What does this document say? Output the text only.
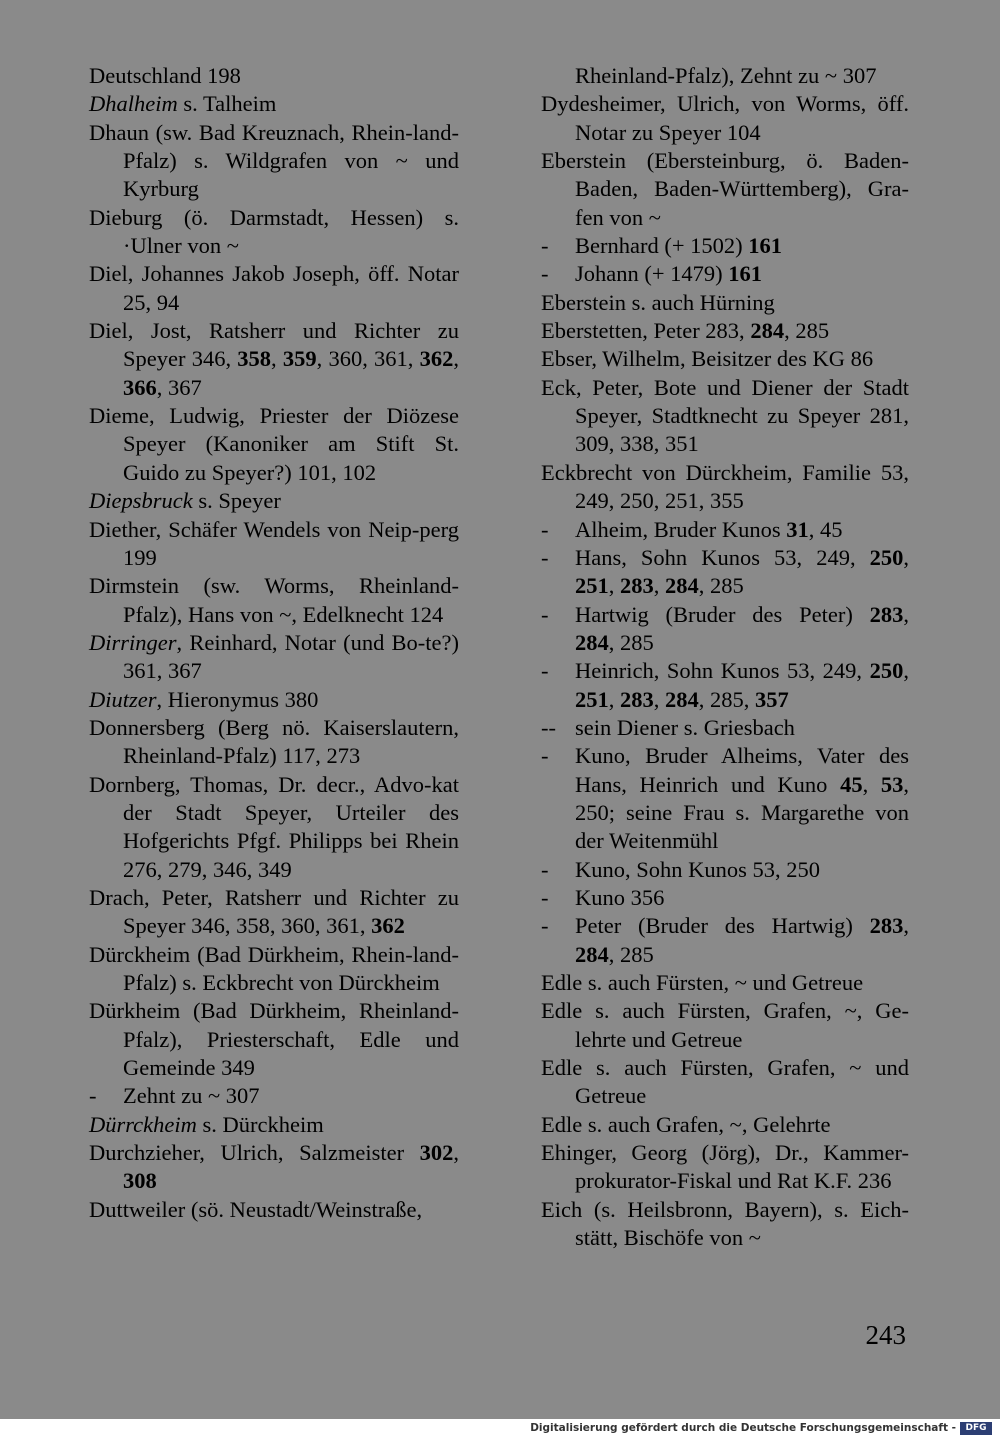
Deutschland 198

Dhalheim s. Talheim

Dhaun (sw. Bad Kreuznach, Rhein-land-Pfalz) s. Wildgrafen von ~ und Kyrburg

Dieburg (ö. Darmstadt, Hessen) s. ·Ulner von ~

Diel, Johannes Jakob Joseph, öff. Notar 25, 94

Diel, Jost, Ratsherr und Richter zu Speyer 346, 358, 359, 360, 361, 362, 366, 367

Dieme, Ludwig, Priester der Diözese Speyer (Kanoniker am Stift St. Guido zu Speyer?) 101, 102

Diepsbruck s. Speyer

Diether, Schäfer Wendels von Neip-perg 199

Dirmstein (sw. Worms, Rheinland-Pfalz), Hans von ~, Edelknecht 124

Dirringer, Reinhard, Notar (und Bo-te?) 361, 367

Diutzer, Hieronymus 380

Donnersberg (Berg nö. Kaiserslautern, Rheinland-Pfalz) 117, 273

Dornberg, Thomas, Dr. decr., Advo-kat der Stadt Speyer, Urteiler des Hofgerichts Pfgf. Philipps bei Rhein 276, 279, 346, 349

Drach, Peter, Ratsherr und Richter zu Speyer 346, 358, 360, 361, 362

Dürckheim (Bad Dürkheim, Rhein-land-Pfalz) s. Eckbrecht von Dürckheim

Dürkheim (Bad Dürkheim, Rheinland-Pfalz), Priesterschaft, Edle und Gemeinde 349

-	Zehnt zu ~ 307

Dürrckheim s. Dürckheim

Durchzieher, Ulrich, Salzmeister 302, 308

Duttweiler (sö. Neustadt/Weinstraße,

Rheinland-Pfalz), Zehnt zu ~ 307

Dydesheimer, Ulrich, von Worms, öff. Notar zu Speyer 104

Eberstein (Ebersteinburg, ö. Baden-Baden, Baden-Württemberg), Gra-fen von ~

-	Bernhard (+ 1502) 161

-	Johann (+ 1479) 161

Eberstein s. auch Hürning

Eberstetten, Peter 283, 284, 285

Ebser, Wilhelm, Beisitzer des KG 86

Eck, Peter, Bote und Diener der Stadt Speyer, Stadtknecht zu Speyer 281, 309, 338, 351

Eckbrecht von Dürckheim, Familie 53, 249, 250, 251, 355

-	Alheim, Bruder Kunos 31, 45

-	Hans, Sohn Kunos 53, 249, 250, 251, 283, 284, 285

-	Hartwig (Bruder des Peter) 283, 284, 285

-	Heinrich, Sohn Kunos 53, 249, 250, 251, 283, 284, 285, 357

-- sein Diener s. Griesbach

-	Kuno, Bruder Alheims, Vater des Hans, Heinrich und Kuno 45, 53, 250; seine Frau s. Margarethe von der Weitenmühl

-	Kuno, Sohn Kunos 53, 250

-	Kuno 356

-	Peter (Bruder des Hartwig) 283, 284, 285

Edle s. auch Fürsten, ~ und Getreue

Edle s. auch Fürsten, Grafen, ~, Ge-lehrte und Getreue

Edle s. auch Fürsten, Grafen, ~ und Getreue

Edle s. auch Grafen, ~, Gelehrte

Ehinger, Georg (Jörg), Dr., Kammer-prokurator-Fiskal und Rat K.F. 236

Eich (s. Heilsbronn, Bayern), s. Eich-stätt, Bischöfe von ~

243
Digitalisierung gefördert durch die Deutsche Forschungsgemeinschaft -	DFG
